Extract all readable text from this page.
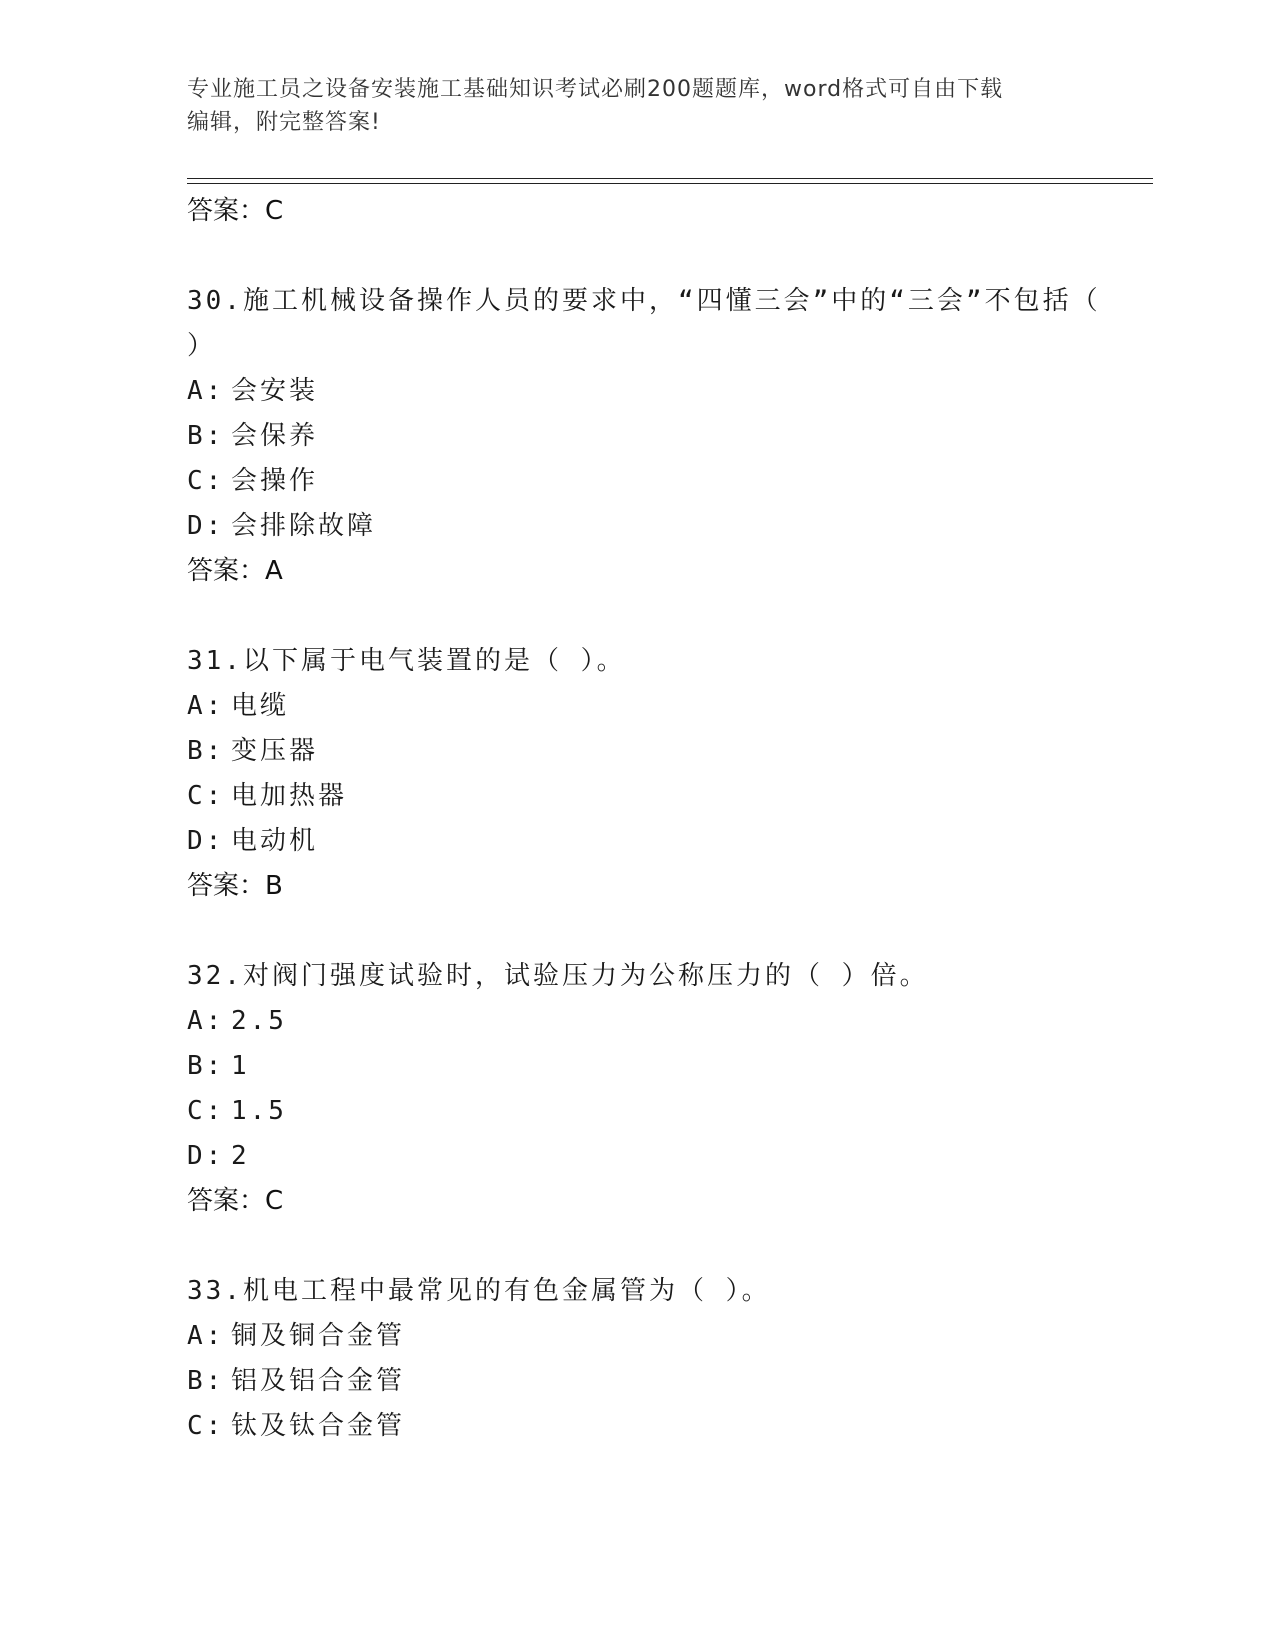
专业施工员之设备安装施工基础知识考试必刷200题题库，word格式可自由下载
编辑，附完整答案!
答案：C
30.施工机械设备操作人员的要求中，“四懂三会”中的“三会”不包括（ ）
A: 会安装
B: 会保养
C: 会操作
D: 会排除故障
答案：A
31.以下属于电气装置的是（ ）。
A: 电缆
B: 变压器
C: 电加热器
D: 电动机
答案：B
32.对阀门强度试验时，试验压力为公称压力的（ ）倍。
A: 2.5
B: 1
C: 1.5
D: 2
答案：C
33.机电工程中最常见的有色金属管为（ ）。
A: 铜及铜合金管
B: 铝及铝合金管
C: 钛及钛合金管
